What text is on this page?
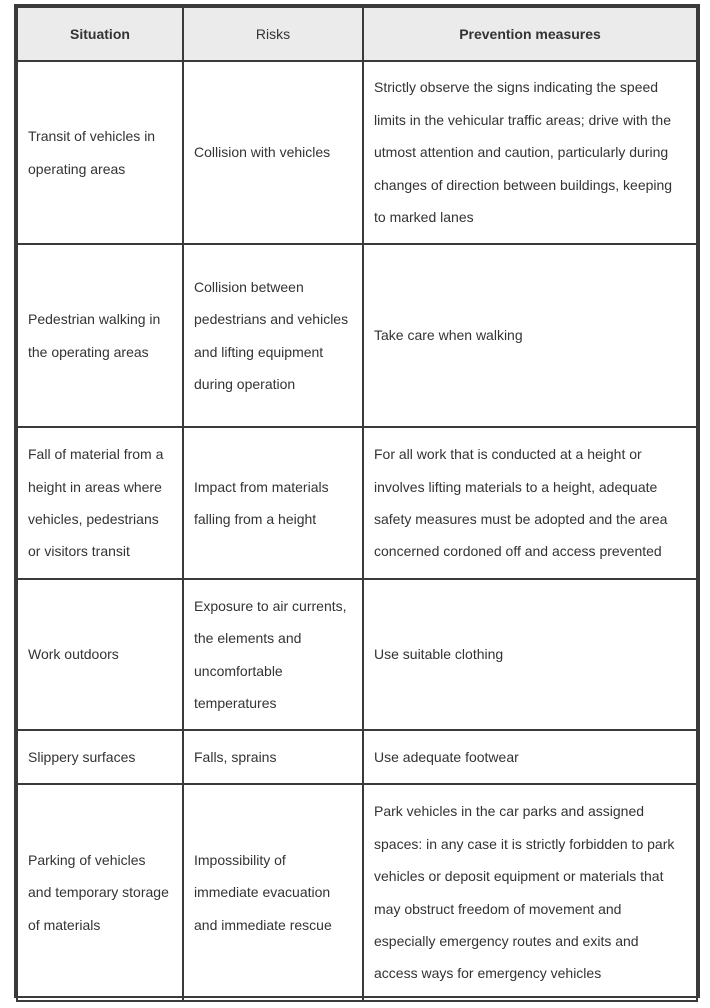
Situation	Risks	Prevention measures
Transit of vehicles in operating areas	Collision with vehicles	Strictly observe the signs indicating the speed limits in the vehicular traffic areas; drive with the utmost attention and caution, particularly during changes of direction between buildings, keeping to marked lanes
Pedestrian walking in the operating areas	Collision between pedestrians and vehicles and lifting equipment during operation	Take care when walking
Fall of material from a height in areas where vehicles, pedestrians or visitors transit	Impact from materials falling from a height	For all work that is conducted at a height or involves lifting materials to a height, adequate safety measures must be adopted and the area concerned cordoned off and access prevented
Work outdoors	Exposure to air currents, the elements and uncomfortable temperatures	Use suitable clothing
Slippery surfaces	Falls, sprains	Use adequate footwear
Parking of vehicles and temporary storage of materials	Impossibility of immediate evacuation and immediate rescue	Park vehicles in the car parks and assigned spaces: in any case it is strictly forbidden to park vehicles or deposit equipment or materials that may obstruct freedom of movement and especially emergency routes and exits and access ways for emergency vehicles
